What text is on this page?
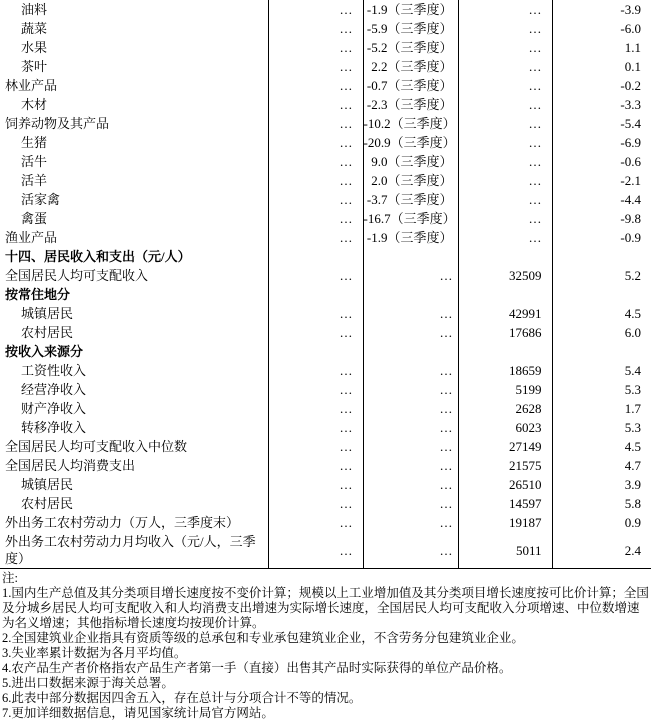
油料	…	-1.9（三季度）	…	-3.9
蔬菜	…	-5.9（三季度）	…	-6.0
水果	…	-5.2（三季度）	…	1.1
茶叶	…	2.2（三季度）	…	0.1
林业产品	…	-0.7（三季度）	…	-0.2
木材	…	-2.3（三季度）	…	-3.3
饲养动物及其产品	…	-10.2（三季度）	…	-5.4
生猪	…	-20.9（三季度）	…	-6.9
活牛	…	9.0（三季度）	…	-0.6
活羊	…	2.0（三季度）	…	-2.1
活家禽	…	-3.7（三季度）	…	-4.4
禽蛋	…	-16.7（三季度）	…	-9.8
渔业产品	…	-1.9（三季度）	…	-0.9
十四、居民收入和支出（元/人）				
全国居民人均可支配收入	…	…	32509	5.2
按常住地分				
城镇居民	…	…	42991	4.5
农村居民	…	…	17686	6.0
按收入来源分				
工资性收入	…	…	18659	5.4
经营净收入	…	…	5199	5.3
财产净收入	…	…	2628	1.7
转移净收入	…	…	6023	5.3
全国居民人均可支配收入中位数	…	…	27149	4.5
全国居民人均消费支出	…	…	21575	4.7
城镇居民	…	…	26510	3.9
农村居民	…	…	14597	5.8
外出务工农村劳动力（万人，三季度末）	…	…	19187	0.9
外出务工农村劳动力月均收入（元/人，三季度）	…	…	5011	2.4
注:
1.国内生产总值及其分类项目增长速度按不变价计算；规模以上工业增加值及其分类项目增长速度按可比价计算；全国及分城乡居民人均可支配收入和人均消费支出增速为实际增长速度，全国居民人均可支配收入分项增速、中位数增速为名义增速；其他指标增长速度均按现价计算。
2.全国建筑业企业指具有资质等级的总承包和专业承包建筑业企业，不含劳务分包建筑业企业。
3.失业率累计数据为各月平均值。
4.农产品生产者价格指农产品生产者第一手（直接）出售其产品时实际获得的单位产品价格。
5.进出口数据来源于海关总署。
6.此表中部分数据因四舍五入，存在总计与分项合计不等的情况。
7.更加详细数据信息，请见国家统计局官方网站。
